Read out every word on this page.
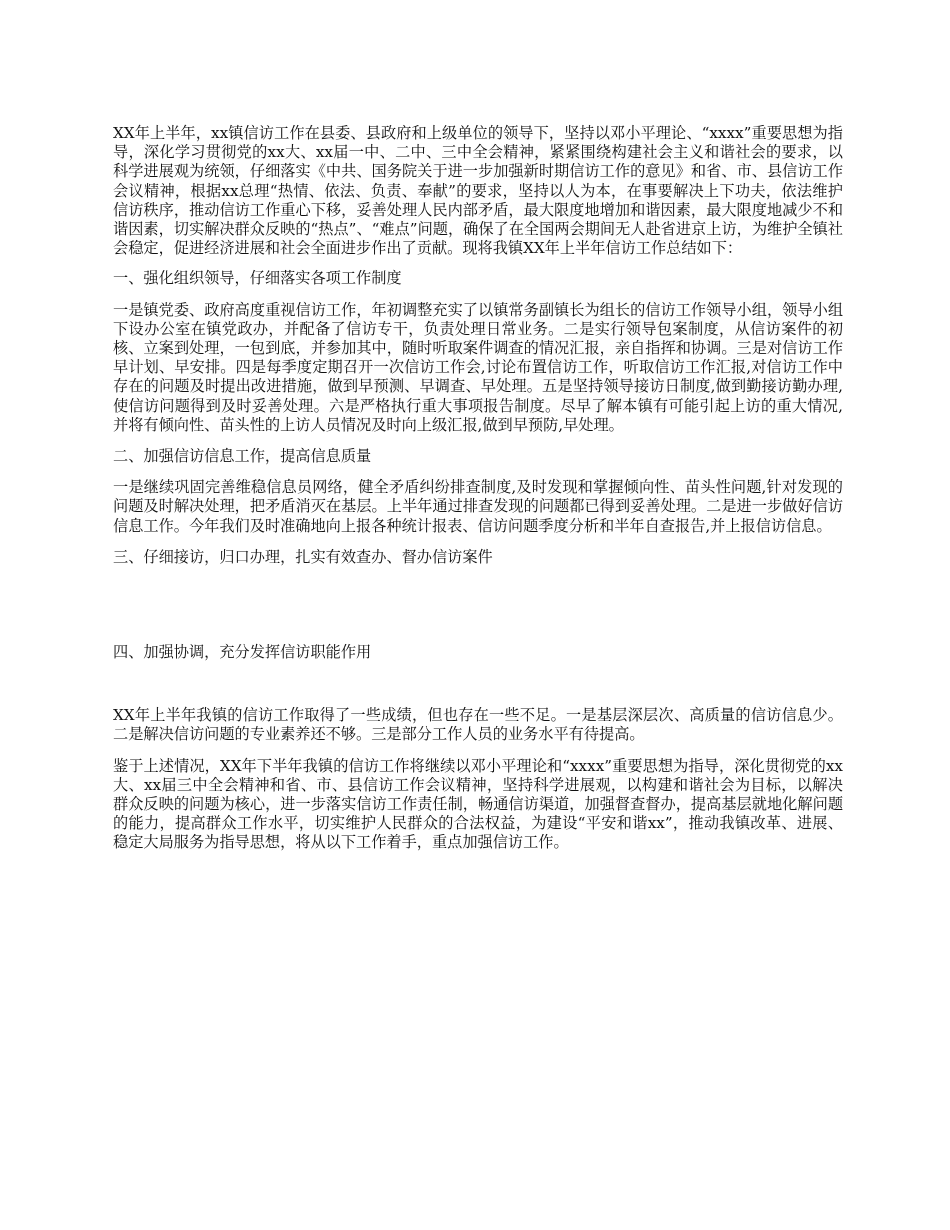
XX年上半年，xx镇信访工作在县委、县政府和上级单位的领导下，坚持以邓小平理论、“xxxx”重要思想为指导，深化学习贯彻党的xx大、xx届一中、二中、三中全会精神，紧紧围绕构建社会主义和谐社会的要求，以科学进展观为统领，仔细落实《中共、国务院关于进一步加强新时期信访工作的意见》和省、市、县信访工作会议精神，根据xx总理“热情、依法、负责、奉献”的要求，坚持以人为本，在事要解决上下功夫，依法维护信访秩序，推动信访工作重心下移，妥善处理人民内部矛盾，最大限度地增加和谐因素，最大限度地减少不和谐因素，切实解决群众反映的“热点”、“难点”问题，确保了在全国两会期间无人赴省进京上访，为维护全镇社会稳定，促进经济进展和社会全面进步作出了贡献。现将我镇XX年上半年信访工作总结如下：

一、强化组织领导，仔细落实各项工作制度

一是镇党委、政府高度重视信访工作，年初调整充实了以镇常务副镇长为组长的信访工作领导小组，领导小组下设办公室在镇党政办，并配备了信访专干，负责处理日常业务。二是实行领导包案制度，从信访案件的初核、立案到处理，一包到底，并参加其中，随时听取案件调查的情况汇报，亲自指挥和协调。三是对信访工作早计划、早安排。四是每季度定期召开一次信访工作会,讨论布置信访工作，听取信访工作汇报,对信访工作中存在的问题及时提出改进措施，做到早预测、早调查、早处理。五是坚持领导接访日制度,做到勤接访勤办理,使信访问题得到及时妥善处理。六是严格执行重大事项报告制度。尽早了解本镇有可能引起上访的重大情况,并将有倾向性、苗头性的上访人员情况及时向上级汇报,做到早预防,早处理。

二、加强信访信息工作，提高信息质量

一是继续巩固完善维稳信息员网络，健全矛盾纠纷排查制度,及时发现和掌握倾向性、苗头性问题,针对发现的问题及时解决处理，把矛盾消灭在基层。上半年通过排查发现的问题都已得到妥善处理。二是进一步做好信访信息工作。今年我们及时准确地向上报各种统计报表、信访问题季度分析和半年自查报告,并上报信访信息。

三、仔细接访，归口办理，扎实有效查办、督办信访案件

四、加强协调，充分发挥信访职能作用

XX年上半年我镇的信访工作取得了一些成绩，但也存在一些不足。一是基层深层次、高质量的信访信息少。二是解决信访问题的专业素养还不够。三是部分工作人员的业务水平有待提高。

鉴于上述情况，XX年下半年我镇的信访工作将继续以邓小平理论和“xxxx”重要思想为指导，深化贯彻党的xx大、xx届三中全会精神和省、市、县信访工作会议精神，坚持科学进展观，以构建和谐社会为目标，以解决群众反映的问题为核心，进一步落实信访工作责任制，畅通信访渠道，加强督查督办，提高基层就地化解问题的能力，提高群众工作水平，切实维护人民群众的合法权益，为建设“平安和谐xx”，推动我镇改革、进展、稳定大局服务为指导思想，将从以下工作着手，重点加强信访工作。
